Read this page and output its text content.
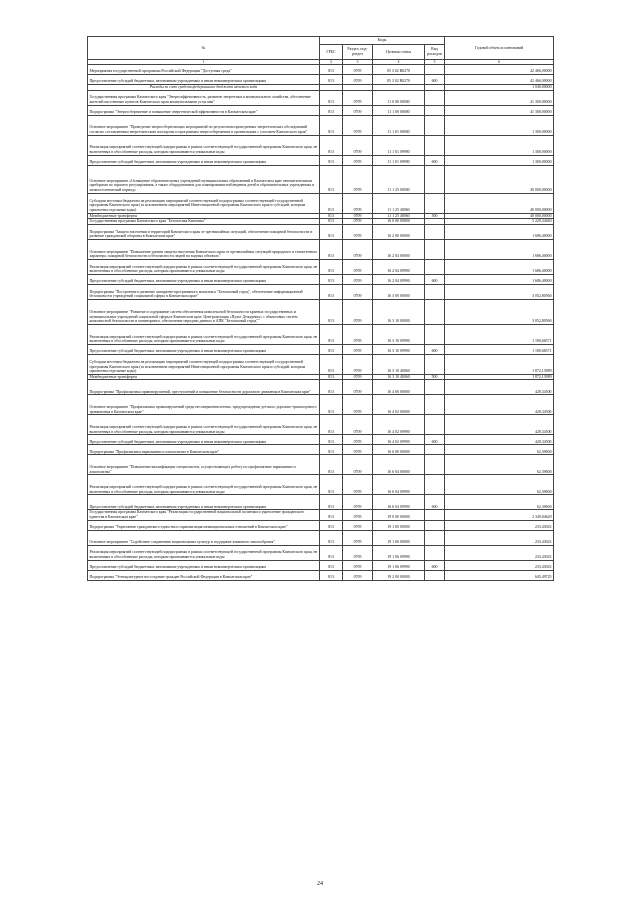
№	Коды				Годовой объем ассигнований
	ГРБС	Раздел, под-раздел	Целевая статья	Вид расходов	
1	2	3	4	5	6
Мероприятия государственной программы Российской Федерации "Доступная среда"	813	0709	05 3 02 R0270		42 466,00000
Предоставление субсидий бюджетным, автономным учреждениям и иным некоммерческим организациям	813	0709	05 3 02 R0270	600	42 466,00000
Расходы за счет средств федерального бюджета мечевого кода					1 040,00000
Государственная программа Камчатского края "Энергоэффективность, развитие энергетики и коммунального хозяйства, обеспечение жителей населенных пунктов Камчатского края коммунальными услугами"	813	0709	11 0 00 00000		41 300,00000
Подпрограмма "Энергосбережение и повышение энергетической эффективности в Камчатском крае"	813	0709	11 1 00 00000		41 300,00000
Основное мероприятие "Проведение энергосберегающих мероприятий по результатам проведенных энергетических обследований согласно составленным энергетическим паспортам и программам энергосбережения в организациях с участием Камчатского края"	813	0709	11 1 01 00000		1 300,00000
Реализация мероприятий соответствующей подпрограммы в рамках соответствующей государственной программы Камчатского края, не включенных в обособленные расходы, которым присваиваются уникальные коды	813	0709	11 1 01 09990		1 300,00000
Предоставление субсидий бюджетным, автономным учреждениям и иным некоммерческим организациям	813	0709	11 1 01 09990	600	1 300,00000
Основное мероприятие «Оснащение образовательных учреждений муниципальных образований в Камчатском крае автоматическими приборами по горячего регулирования, а также оборудованием для планирования-наблюдения детей в образовательных учреждениях в межпоселенческий период»	813	0709	11 1 25 00000		40 000,00000
Субсидии местным бюджетам на реализацию мероприятий соответствующей подпрограммы соответствующей государственной программы Камчатского края (за исключением мероприятий Инвестиционной программы Камчатского края и субсидий, которым присвоены отдельные коды)	813	0709	11 1 25 40060		40 000,00000
Межбюджетные трансферты	813	0709	11 1 25 40060	500	40 000,00000
Государственная программа Камчатского края "Безопасная Камчатка"	813	0709	16 0 00 00000		5 229,34460
Подпрограмма "Защита населения и территорий Камчатского края от чрезвычайных ситуаций, обеспечение пожарной безопасности и развитие гражданской обороны в Камчатском крае"	813	0709	16 2 00 00000		1 686,40000
Основное мероприятие "Повышение уровня защиты населения Камчатского края от чрезвычайных ситуаций природного и техногенного характера, пожарной безопасности и безопасности людей на водных объектах"	813	0709	16 2 04 00000		1 686,40000
Реализация мероприятий соответствующей подпрограммы в рамках соответствующей государственной программы Камчатского края, не включенных в обособленные расходы, которым присваиваются уникальные коды	813	0709	16 2 04 09990		1 686,40000
Предоставление субсидий бюджетным, автономным учреждениям и иным некоммерческим организациям	813	0709	16 2 04 09990	600	1 686,40000
Подпрограмма "Построение и развитие аппаратно-программного комплекса "Безопасный город", обеспечение информационной безопасности учреждений социальной сферы в Камчатском крае"	813	0709	16 3 00 00000		3 052,80560
Основное мероприятие "Развитие и содержание систем обеспечения комплексной безопасности краевых государственных и муниципальных учреждений социальной сферы в Камчатском крае. Централизация «Пульт Дежурных» с объектовых систем комплексной безопасности и мониторинга, обеспечение передачи данных в АПК "Безопасный город""	813	0709	16 3 10 00000		3 052,80560
Реализация мероприятий соответствующей подпрограммы в рамках соответствующей государственной программы Камчатского края, не включенных в обособленные расходы, которым присваиваются уникальные коды	813	0709	16 3 10 09990		1 180,66571
Предоставление субсидий бюджетным, автономным учреждениям и иным некоммерческим организациям	813	0709	16 3 10 09990	600	1 180,66571
Субсидии местным бюджетам на реализацию мероприятий соответствующей подпрограммы соответствующей государственной программы Камчатского края (за исключением мероприятий Инвестиционной программы Камчатского края и субсидий, которым присвоены отдельные коды)	813	0709	16 3 10 40060		1 872,13989
Межбюджетные трансферты	813	0709	16 3 10 40060	500	1 872,13989
Подпрограмма "Профилактика правонарушений, преступлений и повышение безопасности дорожного движения в Камчатском крае"	813	0709	16 4 00 00000		428,34500
Основное мероприятие "Профилактика правонарушений среди несовершеннолетних, предупреждение детского дорожно-транспортного травматизма в Камчатском крае"	813	0709	16 4 02 00000		428,34500
Реализация мероприятий соответствующей подпрограммы в рамках соответствующей государственной программы Камчатского края, не включенных в обособленные расходы, которым присваиваются уникальные коды	813	0709	16 4 02 09990		428,34500
Предоставление субсидий бюджетным, автономным учреждениям и иным некоммерческим организациям	813	0709	16 4 02 09990	600	428,34500
Подпрограмма "Профилактика наркомании и алкоголизма в Камчатском крае"	813	0709	16 6 00 00000		62,39600
Основное мероприятие "Повышение квалификации специалистов, осуществляющих работу по профилактике наркомании и алкоголизма"	813	0709	16 6 04 00000		62,39600
Реализация мероприятий соответствующей подпрограммы в рамках соответствующей государственной программы Камчатского края, не включенных в обособленные расходы, которым присваиваются уникальные коды	813	0709	16 6 04 09990		62,39600
Предоставление субсидий бюджетным, автономным учреждениям и иным некоммерческим организациям	813	0709	16 6 04 09990	600	62,39600
Государственная программа Камчатского края "Реализация государственной национальной политики и укрепление гражданского единства в Камчатском крае"	813	0709	19 0 00 00000		2 349,04629
Подпрограмма "Укрепление гражданского единства и гармонизация межнациональных отношений в Камчатском крае"	813	0709	19 1 00 00000		233,43023
Основное мероприятие "Содействие сохранению национальных культур и поддержке языкового многообразия"	813	0709	19 1 06 00000		233,43023
Реализация мероприятий соответствующей подпрограммы в рамках соответствующей государственной программы Камчатского края, не включенных в обособленные расходы, которым присваиваются уникальные коды	813	0709	19 1 06 09990		233,43023
Предоставление субсидий бюджетным, автономным учреждениям и иным некоммерческим организациям	813	0709	19 1 06 09990	600	233,43023
Подпрограмма "Этнокультурное воссоздание граждан Российской Федерации в Камчатском крае"	813	0709	19 2 00 00000		645,49725
24
